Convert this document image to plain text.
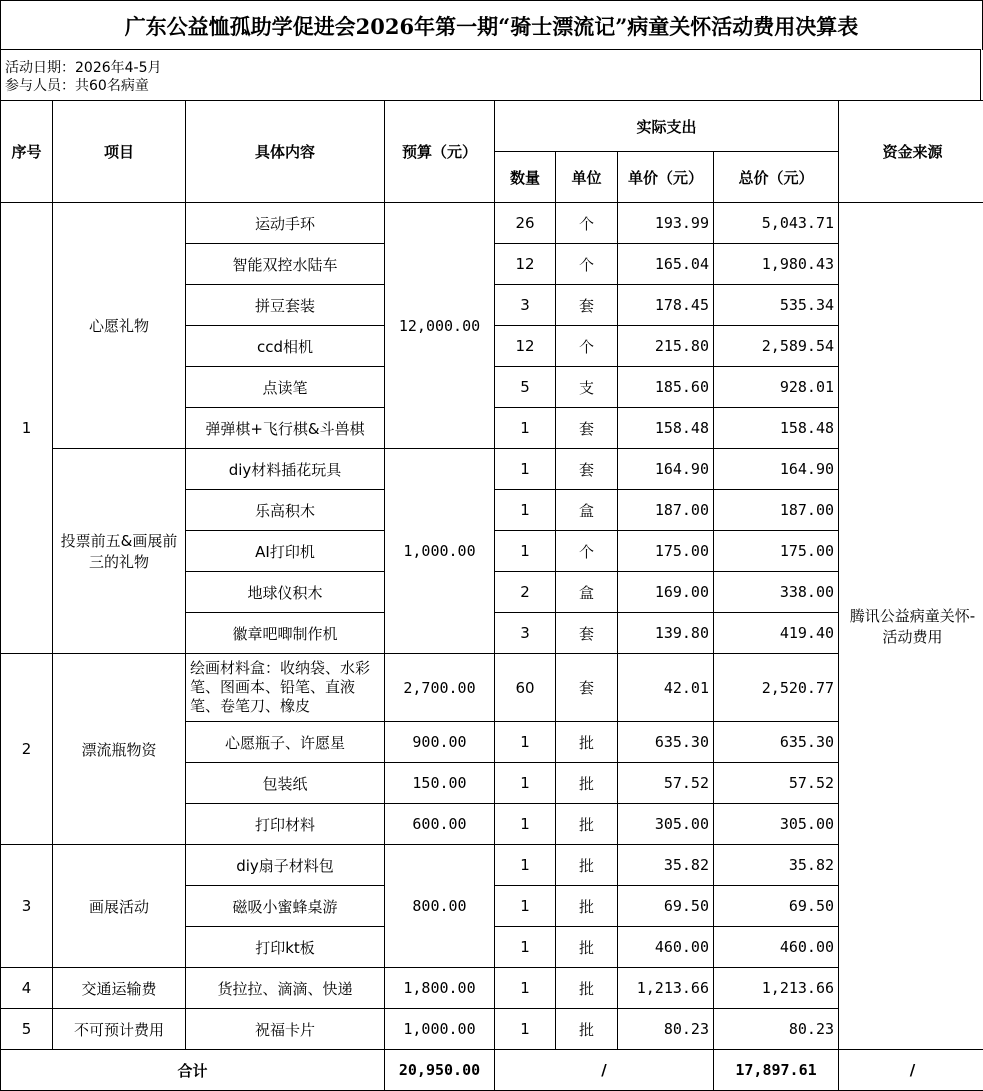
广东公益恤孤助学促进会2026年第一期“骑士漂流记”病童关怀活动费用决算表
活动日期：2026年4-5月
参与人员：共60名病童
序号	项目	具体内容	预算（元）	实际支出				资金来源
				数量	单位	单价（元）	总价（元）	
1	心愿礼物	运动手环	12,000.00	26	个	193.99	5,043.71	腾讯公益病童关怀-活动费用
		智能双控水陆车		12	个	165.04	1,980.43	
		拼豆套装		3	套	178.45	535.34	
		ccd相机		12	个	215.80	2,589.54	
		点读笔		5	支	185.60	928.01	
		弹弹棋+飞行棋&斗兽棋		1	套	158.48	158.48	
	投票前五&画展前三的礼物	diy材料插花玩具	1,000.00	1	套	164.90	164.90	
		乐高积木		1	盒	187.00	187.00	
		AI打印机		1	个	175.00	175.00	
		地球仪积木		2	盒	169.00	338.00	
		徽章吧唧制作机		3	套	139.80	419.40	
2	漂流瓶物资	绘画材料盒：收纳袋、水彩笔、图画本、铅笔、直液笔、卷笔刀、橡皮	2,700.00	60	套	42.01	2,520.77	
		心愿瓶子、许愿星	900.00	1	批	635.30	635.30	
		包装纸	150.00	1	批	57.52	57.52	
		打印材料	600.00	1	批	305.00	305.00	
3	画展活动	diy扇子材料包	800.00	1	批	35.82	35.82	
		磁吸小蜜蜂桌游		1	批	69.50	69.50	
		打印kt板		1	批	460.00	460.00	
4	交通运输费	货拉拉、滴滴、快递	1,800.00	1	批	1,213.66	1,213.66	
5	不可预计费用	祝福卡片	1,000.00	1	批	80.23	80.23	
合计			20,950.00	/			17,897.61	/
